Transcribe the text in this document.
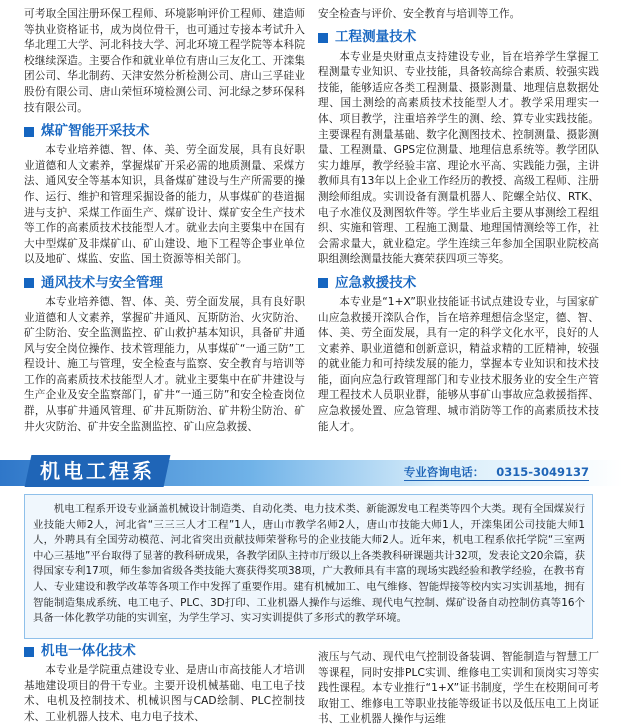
可考取全国注册环保工程师、环境影响评价工程师、建造师等执业资格证书，成为岗位骨干，也可通过专接本考试升入华北理工大学、河北科技大学、河北环境工程学院等本科院校继续深造。主要合作和就业单位有唐山三友化工、开滦集团公司、华北制药、天津安然分析检测公司、唐山三孚硅业股份有限公司、唐山荣恒环境检测公司、河北绿之梦环保科技有限公司。

煤矿智能开采技术

本专业培养德、智、体、美、劳全面发展，具有良好职业道德和人文素养，掌握煤矿开采必需的地质测量、采煤方法、通风安全等基本知识，具备煤矿建设与生产所需要的操作、运行、维护和管理采掘设备的能力，从事煤矿的巷道掘进与支护、采煤工作面生产、煤矿设计、煤矿安全生产技术等工作的高素质技术技能型人才。就业去向主要集中在国有大中型煤矿及非煤矿山、矿山建设、地下工程等企事业单位以及地矿、煤监、安监、国土资源等相关部门。

通风技术与安全管理

本专业培养德、智、体、美、劳全面发展，具有良好职业道德和人文素养，掌握矿井通风、瓦斯防治、火灾防治、矿尘防治、安全监测监控、矿山救护基本知识，具备矿井通风与安全岗位操作、技术管理能力，从事煤矿“一通三防”工程设计、施工与管理，安全检查与监察、安全教育与培训等工作的高素质技术技能型人才。就业主要集中在矿井建设与生产企业及安全监察部门，矿井“一通三防”和安全检查岗位群，从事矿井通风管理、矿井瓦斯防治、矿井粉尘防治、矿井火灾防治、矿井安全监测监控、矿山应急救援、

安全检查与评价、安全教育与培训等工作。

工程测量技术

本专业是央财重点支持建设专业，旨在培养学生掌握工程测量专业知识、专业技能，具备较高综合素质、较强实践技能，能够适应各类工程测量、摄影测量、地理信息数据处理、国土测绘的高素质技术技能型人才。教学采用理实一体、项目教学，注重培养学生的测、绘、算专业实践技能。主要课程有测量基础、数字化测图技术、控制测量、摄影测量、工程测量、GPS定位测量、地理信息系统等。教学团队实力雄厚，教学经验丰富、理论水平高、实践能力强，主讲教师具有13年以上企业工作经历的教授、高级工程师、注册测绘师组成。实训设备有测量机器人、陀螺全站仪、RTK、电子水准仪及测图软件等。学生毕业后主要从事测绘工程组织、实施和管理、工程施工测量、地理国情测绘等工作，社会需求量大，就业稳定。学生连续三年参加全国职业院校高职组测绘测量技能大赛荣获四项三等奖。

应急救援技术

本专业是“1+X”职业技能证书试点建设专业，与国家矿山应急救援开滦队合作，旨在培养理想信念坚定，德、智、体、美、劳全面发展，具有一定的科学文化水平，良好的人文素养、职业道德和创新意识，精益求精的工匠精神，较强的就业能力和可持续发展的能力，掌握本专业知识和技术技能，面向应急行政管理部门和专业技术服务业的安全生产管理工程技术人员职业群，能够从事矿山事故应急救援指挥、应急救援处置、应急管理、城市消防等工作的高素质技术技能人才。

机电工程系	专业咨询电话： 0315-3049137

机电工程系开设专业涵盖机械设计制造类、自动化类、电力技术类、新能源发电工程类等四个大类。现有全国煤炭行业技能大师2人，河北省“三三三人才工程”1人，唐山市教学名师2人，唐山市技能大师1人，开滦集团公司技能大师1人，外聘具有全国劳动模范、河北省突出贡献技师荣誉称号的企业技能大师2人。近年来，机电工程系依托学院“三室两中心三基地”平台取得了显著的教科研成果，各教学团队主持市厅级以上各类教科研课题共计32项，发表论文20余篇，获得国家专利17项，师生参加省级各类技能大赛获得奖项38项，广大教师具有丰富的现场实践经验和教学经验，在教书育人、专业建设和教学改革等各项工作中发挥了重要作用。建有机械加工、电气维修、智能焊接等校内实习实训基地，拥有智能制造集成系统、电工电子、PLC、3D打印、工业机器人操作与运维、现代电气控制、煤矿设备自动控制仿真等16个具备一体化教学功能的实训室，为学生学习、实习实训提供了多形式的教学环境。

机电一体化技术

本专业是学院重点建设专业、是唐山市高技能人才培训基地建设项目的骨干专业。主要开设机械基础、电工电子技术、电机及控制技术、机械识图与CAD绘制、PLC控制技术、工业机器人技术、电力电子技术、

液压与气动、现代电气控制设备装调、智能制造与智慧工厂等课程，同时安排PLC实训、维修电工实训和顶岗实习等实践性课程。本专业推行“1+X”证书制度，学生在校期间可考取钳工、维修电工等职业技能等级证书以及低压电工上岗证书、工业机器人操作与运维
